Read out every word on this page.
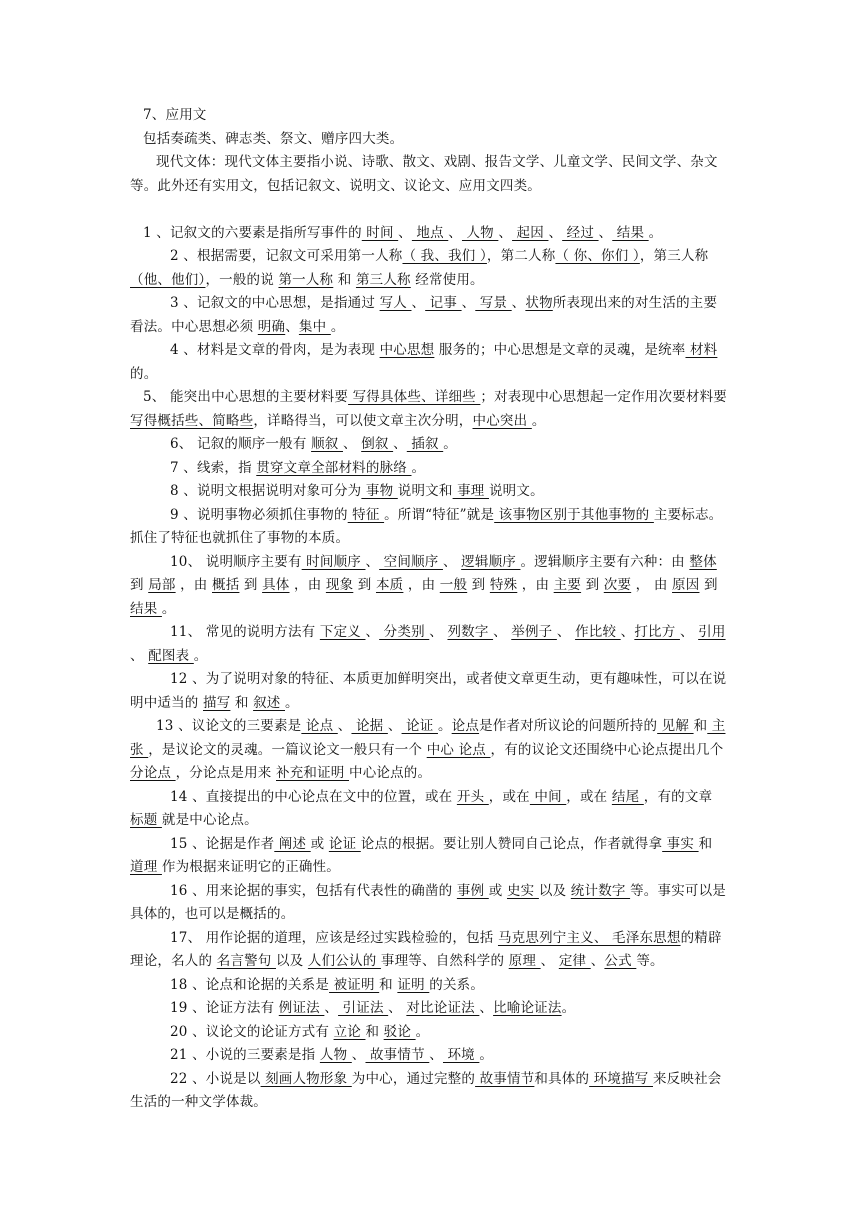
7、应用文

包括奏疏类、碑志类、祭文、赠序四大类。

现代文体：现代文体主要指小说、诗歌、散文、戏剧、报告文学、儿童文学、民间文学、杂文等。此外还有实用文，包括记叙文、说明文、议论文、应用文四类。

1 、记叙文的六要素是指所写事件的 时间 、 地点 、 人物 、 起因 、 经过 、 结果 。

2 、根据需要，记叙文可采用第一人称（ 我、我们 ），第二人称（ 你、你们 ），第三人称（他、他们），一般的说 第一人称 和 第三人称 经常使用。

3 、记叙文的中心思想，是指通过 写人 、 记事 、 写景 、状物所表现出来的对生活的主要看法。中心思想必须 明确、集中 。

4 、材料是文章的骨肉，是为表现 中心思想 服务的；中心思想是文章的灵魂，是统率 材料 的。

5、 能突出中心思想的主要材料要 写得具体些、详细些 ；对表现中心思想起一定作用次要材料要 写得概括些、简略些，详略得当，可以使文章主次分明，中心突出 。

6、 记叙的顺序一般有 顺叙 、 倒叙 、 插叙 。

7 、线索，指 贯穿文章全部材料的脉络 。

8 、说明文根据说明对象可分为 事物 说明文和 事理 说明文。

9 、说明事物必须抓住事物的 特征 。所谓“特征”就是 该事物区别于其他事物的 主要标志。抓住了特征也就抓住了事物的本质。

10、 说明顺序主要有 时间顺序 、 空间顺序 、 逻辑顺序 。逻辑顺序主要有六种：由 整体 到 局部 ，由 概括 到 具体 ，由 现象 到 本质 ，由 一般 到 特殊 ，由 主要 到 次要 ， 由 原因 到 结果 。

11、 常见的说明方法有 下定义 、 分类别 、 列数字 、 举例子 、 作比较 、打比方 、 引用 、 配图表 。

12 、为了说明对象的特征、本质更加鲜明突出，或者使文章更生动，更有趣味性，可以在说明中适当的 描写 和 叙述 。

13 、议论文的三要素是 论点 、 论据 、 论证 。论点是作者对所议论的问题所持的 见解 和 主张 ，是议论文的灵魂。一篇议论文一般只有一个 中心 论点 ，有的议论文还围绕中心论点提出几个 分论点 ，分论点是用来 补充和证明 中心论点的。

14 、直接提出的中心论点在文中的位置，或在 开头 ，或在 中间 ，或在 结尾 ，有的文章 标题 就是中心论点。

15 、论据是作者 阐述 或 论证 论点的根据。要让别人赞同自己论点，作者就得拿 事实 和 道理 作为根据来证明它的正确性。

16 、用来论据的事实，包括有代表性的确凿的 事例 或 史实 以及 统计数字 等。事实可以是具体的，也可以是概括的。

17、 用作论据的道理，应该是经过实践检验的，包括 马克思列宁主义、 毛泽东思想的精辟理论，名人的 名言警句 以及 人们公认的 事理等、自然科学的 原理 、 定律 、公式 等。

18 、论点和论据的关系是 被证明 和 证明 的关系。

19 、论证方法有 例证法 、 引证法 、 对比论证法 、比喻论证法。

20 、议论文的论证方式有 立论 和 驳论 。

21 、小说的三要素是指 人物 、 故事情节 、 环境 。

22 、小说是以 刻画人物形象 为中心，通过完整的 故事情节和具体的 环境描写 来反映社会生活的一种文学体裁。
